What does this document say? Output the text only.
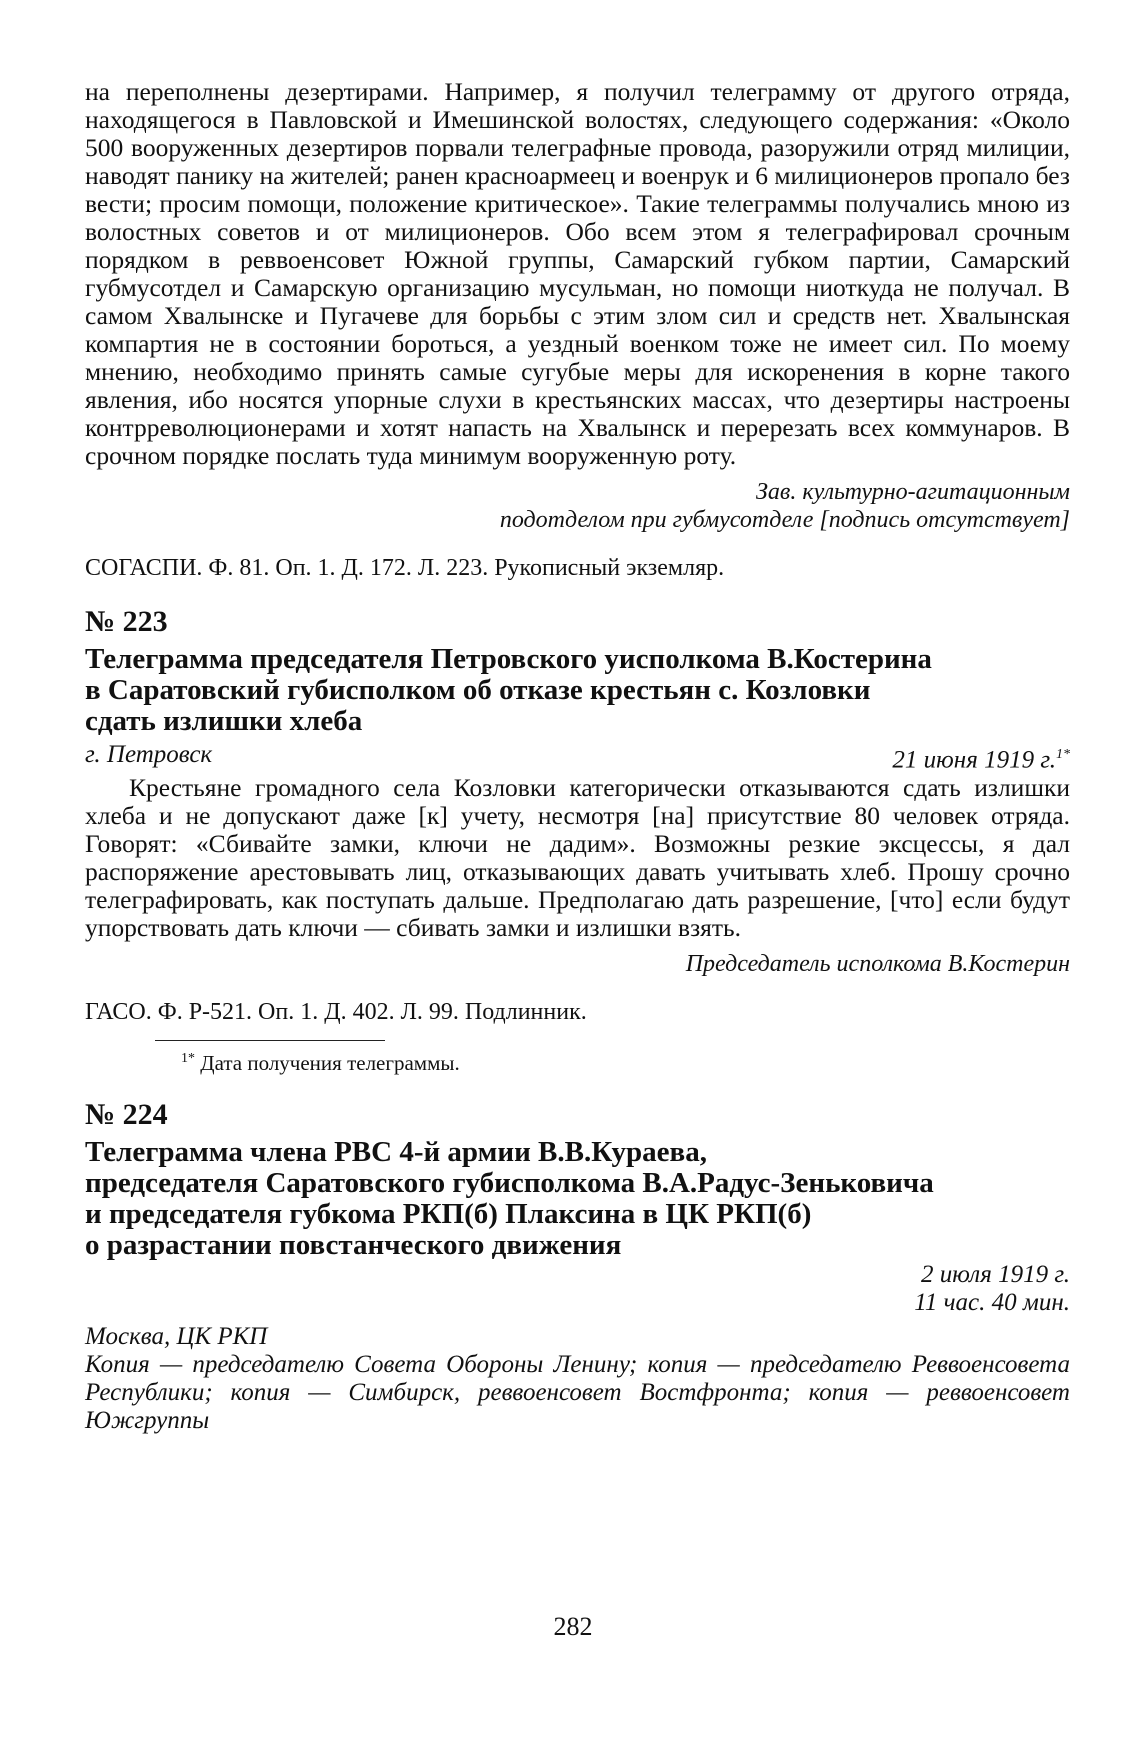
на переполнены дезертирами. Например, я получил телеграмму от другого отряда, находящегося в Павловской и Имешинской волостях, следующего содержания: «Около 500 вооруженных дезертиров порвали телеграфные провода, разоружили отряд милиции, наводят панику на жителей; ранен красноармеец и военрук и 6 милиционеров пропало без вести; просим помощи, положение критическое». Такие телеграммы получались мною из волостных советов и от милиционеров. Обо всем этом я телеграфировал срочным порядком в реввоенсовет Южной группы, Самарский губком партии, Самарский губмусотдел и Самарскую организацию мусульман, но помощи ниоткуда не получал. В самом Хвалынске и Пугачеве для борьбы с этим злом сил и средств нет. Хвалынская компартия не в состоянии бороться, а уездный военком тоже не имеет сил. По моему мнению, необходимо принять самые сугубые меры для искоренения в корне такого явления, ибо носятся упорные слухи в крестьянских массах, что дезертиры настроены контрреволюционерами и хотят напасть на Хвалынск и перерезать всех коммунаров. В срочном порядке послать туда минимум вооруженную роту.

Зав. культурно-агитационным
подотделом при губмусотделе [подпись отсутствует]

СОГАСПИ. Ф. 81. Оп. 1. Д. 172. Л. 223. Рукописный экземляр.

№ 223
Телеграмма председателя Петровского уисполкома В.Костерина
в Саратовский губисполком об отказе крестьян с. Козловки
сдать излишки хлеба
г. Петровск	21 июня 1919 г.$^{1*}$

Крестьяне громадного села Козловки категорически отказываются сдать излишки хлеба и не допускают даже [к] учету, несмотря [на] присутствие 80 человек отряда. Говорят: «Сбивайте замки, ключи не дадим». Возможны резкие эксцессы, я дал распоряжение арестовывать лиц, отказывающих давать учитывать хлеб. Прошу срочно телеграфировать, как поступать дальше. Предполагаю дать разрешение, [что] если будут упорствовать дать ключи — сбивать замки и излишки взять.

Председатель исполкома В.Костерин

ГАСО. Ф. Р-521. Оп. 1. Д. 402. Л. 99. Подлинник.

$^{1*}$ Дата получения телеграммы.
№ 224
Телеграмма члена РВС 4-й армии В.В.Кураева,
председателя Саратовского губисполкома В.А.Радус-Зеньковича
и председателя губкома РКП(б) Плаксина в ЦК РКП(б)
о разрастании повстанческого движения
2 июля 1919 г.
11 час. 40 мин.
Москва, ЦК РКП
Копия — председателю Совета Обороны Ленину; копия — председателю Реввоенсовета Республики; копия — Симбирск, реввоенсовет Востфронта; копия — реввоенсовет Южгруппы
282
